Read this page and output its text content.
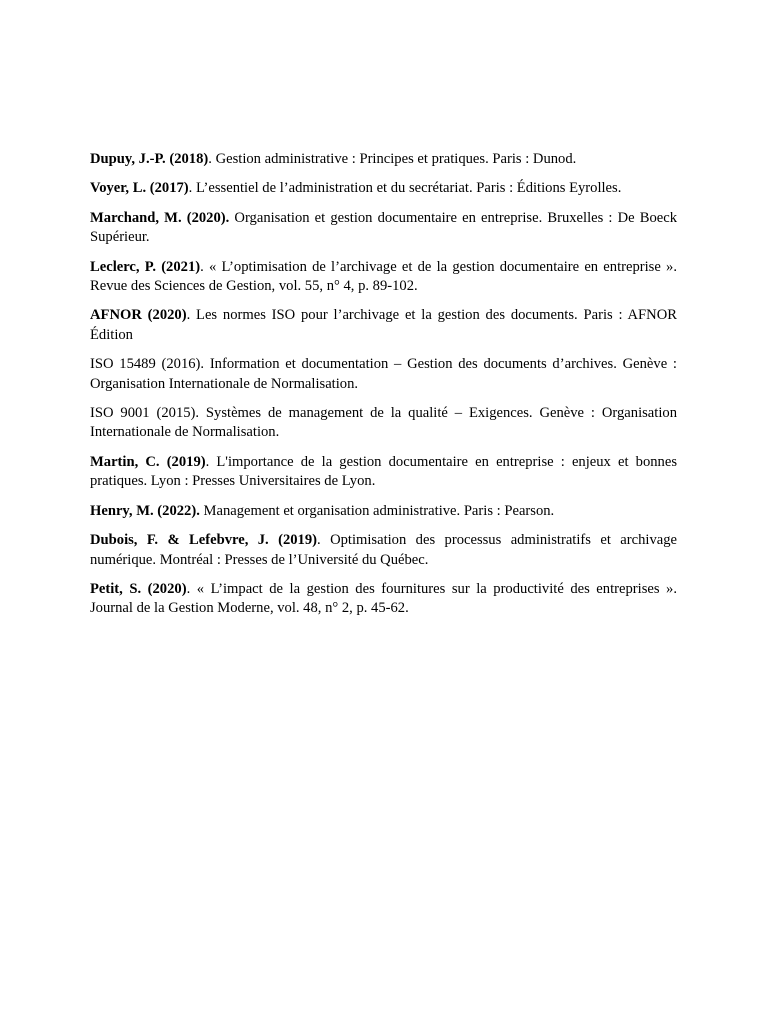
Dupuy, J.-P. (2018). Gestion administrative : Principes et pratiques. Paris : Dunod.

Voyer, L. (2017). L’essentiel de l’administration et du secrétariat. Paris : Éditions Eyrolles.

Marchand, M. (2020). Organisation et gestion documentaire en entreprise. Bruxelles : De Boeck Supérieur.

Leclerc, P. (2021). « L’optimisation de l’archivage et de la gestion documentaire en entreprise ». Revue des Sciences de Gestion, vol. 55, n° 4, p. 89-102.

AFNOR (2020). Les normes ISO pour l’archivage et la gestion des documents. Paris : AFNOR Édition

ISO 15489 (2016). Information et documentation – Gestion des documents d’archives. Genève : Organisation Internationale de Normalisation.

ISO 9001 (2015). Systèmes de management de la qualité – Exigences. Genève : Organisation Internationale de Normalisation.

Martin, C. (2019). L'importance de la gestion documentaire en entreprise : enjeux et bonnes pratiques. Lyon : Presses Universitaires de Lyon.

Henry, M. (2022). Management et organisation administrative. Paris : Pearson.

Dubois, F. & Lefebvre, J. (2019). Optimisation des processus administratifs et archivage numérique. Montréal : Presses de l’Université du Québec.

Petit, S. (2020). « L’impact de la gestion des fournitures sur la productivité des entreprises ». Journal de la Gestion Moderne, vol. 48, n° 2, p. 45-62.
